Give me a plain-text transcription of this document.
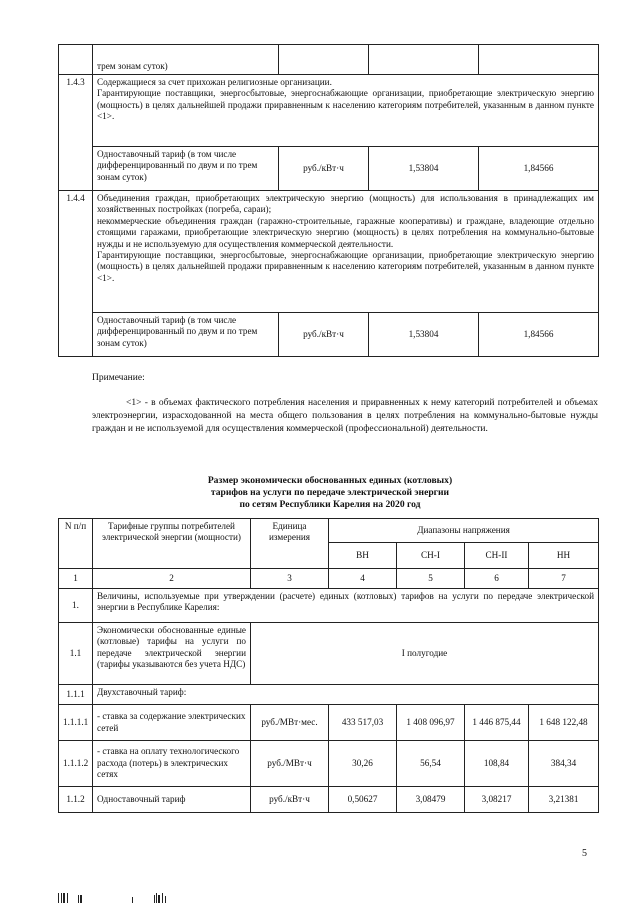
	трем зонам суток)			
1.4.3	Содержащиеся за счет прихожан религиозные организации.
Гарантирующие поставщики, энергосбытовые, энергоснабжающие организации, приобретающие электрическую энергию (мощность) в целях дальнейшей продажи приравненным к населению категориям потребителей, указанным в данном пункте <1>.			

	Одноставочный тариф (в том числе дифференцированный по двум и по трем зонам суток)	руб./кВт·ч	1,53804	1,84566
1.4.4	Объединения граждан, приобретающих электрическую энергию (мощность) для использования в принадлежащих им хозяйственных постройках (погреба, сараи);
некоммерческие объединения граждан (гаражно-строительные, гаражные кооперативы) и граждане, владеющие отдельно стоящими гаражами, приобретающие электрическую энергию (мощность) в целях потребления на коммунально-бытовые нужды и не используемую для осуществления коммерческой деятельности.
Гарантирующие поставщики, энергосбытовые, энергоснабжающие организации, приобретающие электрическую энергию (мощность) в целях дальнейшей продажи приравненным к населению категориям потребителей, указанным в данном пункте <1>.			

	Одноставочный тариф (в том числе дифференцированный по двум и по трем зонам суток)	руб./кВт·ч	1,53804	1,84566
Примечание:
<1> - в объемах фактического потребления населения и приравненных к нему категорий потребителей и объемах электроэнергии, израсходованной на места общего пользования в целях потребления на коммунально-бытовые нужды граждан и не используемой для осуществления коммерческой (профессиональной) деятельности.
Размер экономически обоснованных единых (котловых)
тарифов на услуги по передаче электрической энергии
по сетям Республики Карелия на 2020 год
N п/п	Тарифные группы потребителей электрической энергии (мощности)	Единица измерения	Диапазоны напряжения			
			ВН	СН-I	СН-II	НН
1	2	3	4	5	6	7
1.	Величины, используемые при утверждении (расчете) единых (котловых) тарифов на услуги по передаче электрической энергии в Республике Карелия:					
1.1	Экономически обоснованные единые (котловые) тарифы на услуги по передаче электрической энергии (тарифы указываются без учета НДС)	I полугодие				
1.1.1	Двухставочный тариф:					
1.1.1.1	- ставка за содержание электрических сетей	руб./МВт·мес.	433 517,03	1 408 096,97	1 446 875,44	1 648 122,48
1.1.1.2	- ставка на оплату технологического расхода (потерь) в электрических сетях	руб./МВт·ч	30,26	56,54	108,84	384,34
1.1.2	Одноставочный тариф	руб./кВт·ч	0,50627	3,08479	3,08217	3,21381
5
